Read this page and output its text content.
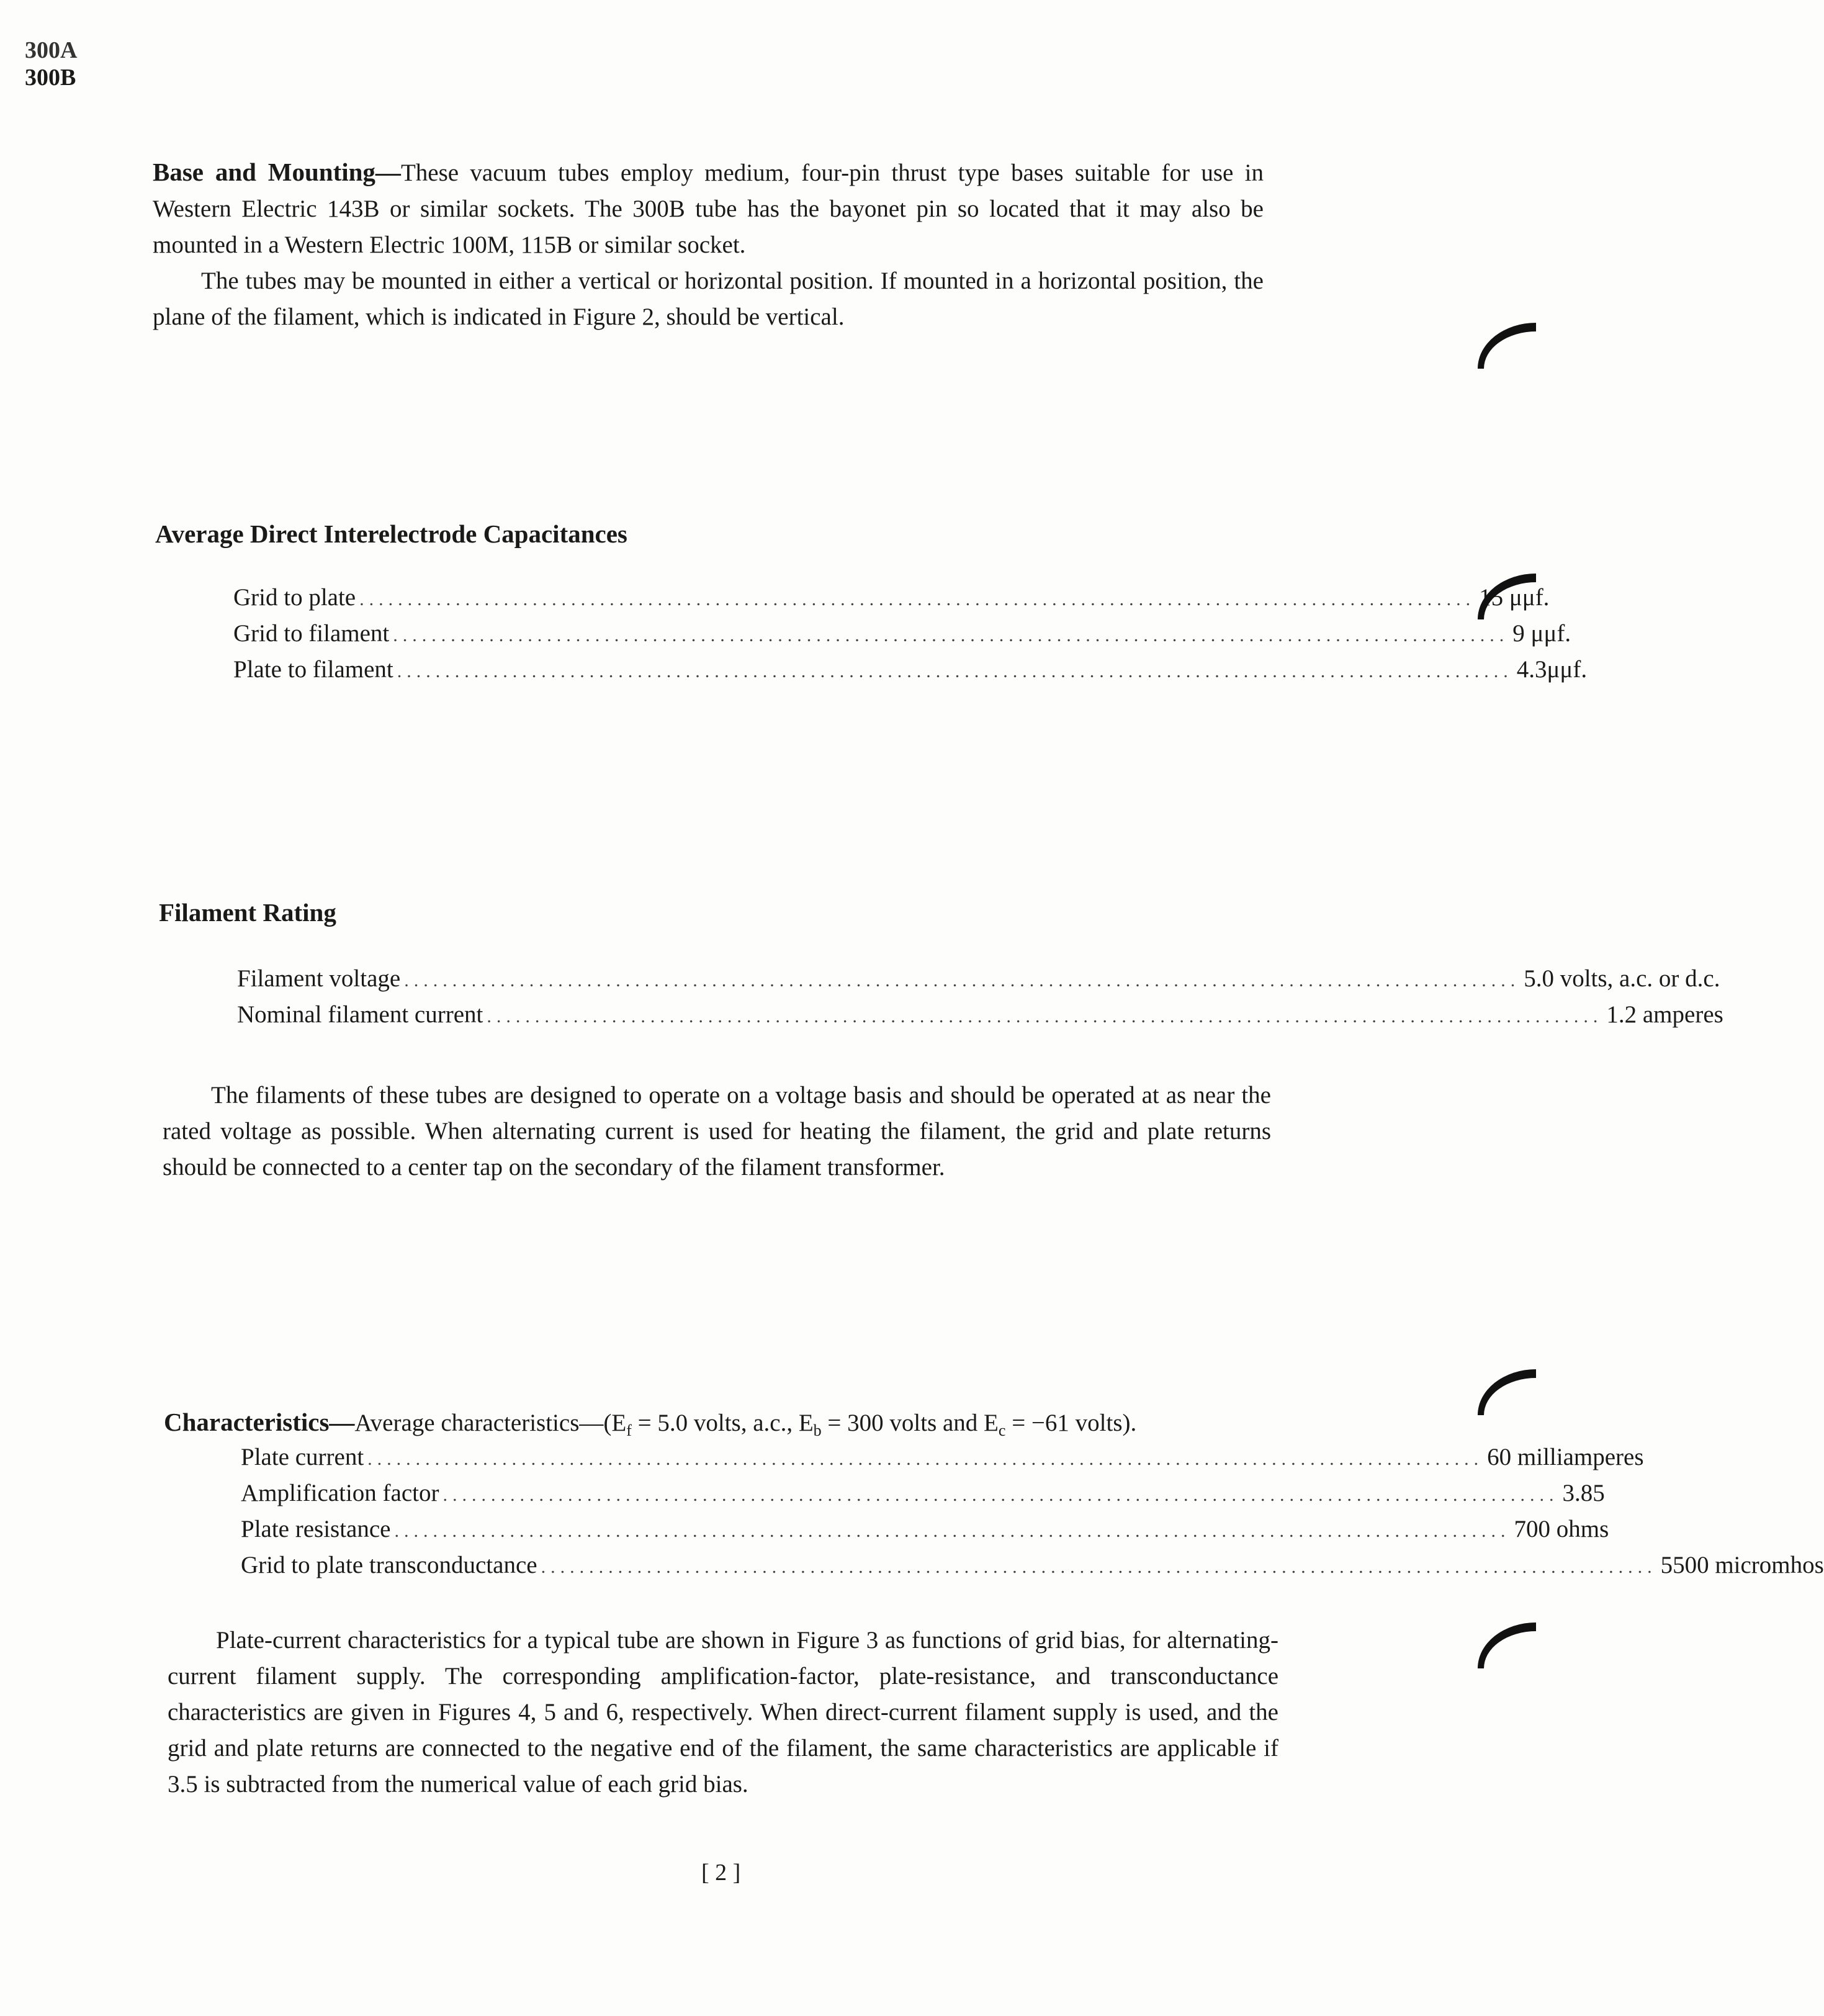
300A
300B

Base and Mounting—These vacuum tubes employ medium, four-pin thrust type bases suitable for use in Western Electric 143B or similar sockets. The 300B tube has the bayonet pin so located that it may also be mounted in a Western Electric 100M, 115B or similar socket.

The tubes may be mounted in either a vertical or horizontal position. If mounted in a horizontal position, the plane of the filament, which is indicated in Figure 2, should be vertical.

Average Direct Interelectrode Capacitances
Grid to plate .................................................................................................................... 15 μμf.
Grid to filament .................................................................................................................... 9 μμf.
Plate to filament .................................................................................................................... 4.3μμf.
Filament Rating
Filament voltage .................................................................................................................... 5.0 volts, a.c. or d.c.
Nominal filament current .................................................................................................................... 1.2 amperes

The filaments of these tubes are designed to operate on a voltage basis and should be operated at as near the rated voltage as possible. When alternating current is used for heating the filament, the grid and plate returns should be connected to a center tap on the secondary of the filament transformer.

Characteristics—Average $characteristics—(E_f = 5.0$ volts, a.c., $E_b = 300$ volts and $E_c = -61$ volts).
Plate current .................................................................................................................... 60 milliamperes
Amplification factor .................................................................................................................... 3.85
Plate resistance .................................................................................................................... 700 ohms
Grid to plate transconductance .................................................................................................................... 5500 micromhos

Plate-current characteristics for a typical tube are shown in Figure 3 as functions of grid bias, for alternating-current filament supply. The corresponding amplification-factor, plate-resistance, and transconductance characteristics are given in Figures 4, 5 and 6, respectively. When direct-current filament supply is used, and the grid and plate returns are connected to the negative end of the filament, the same characteristics are applicable if 3.5 is subtracted from the numerical value of each grid bias.

[ 2 ]
